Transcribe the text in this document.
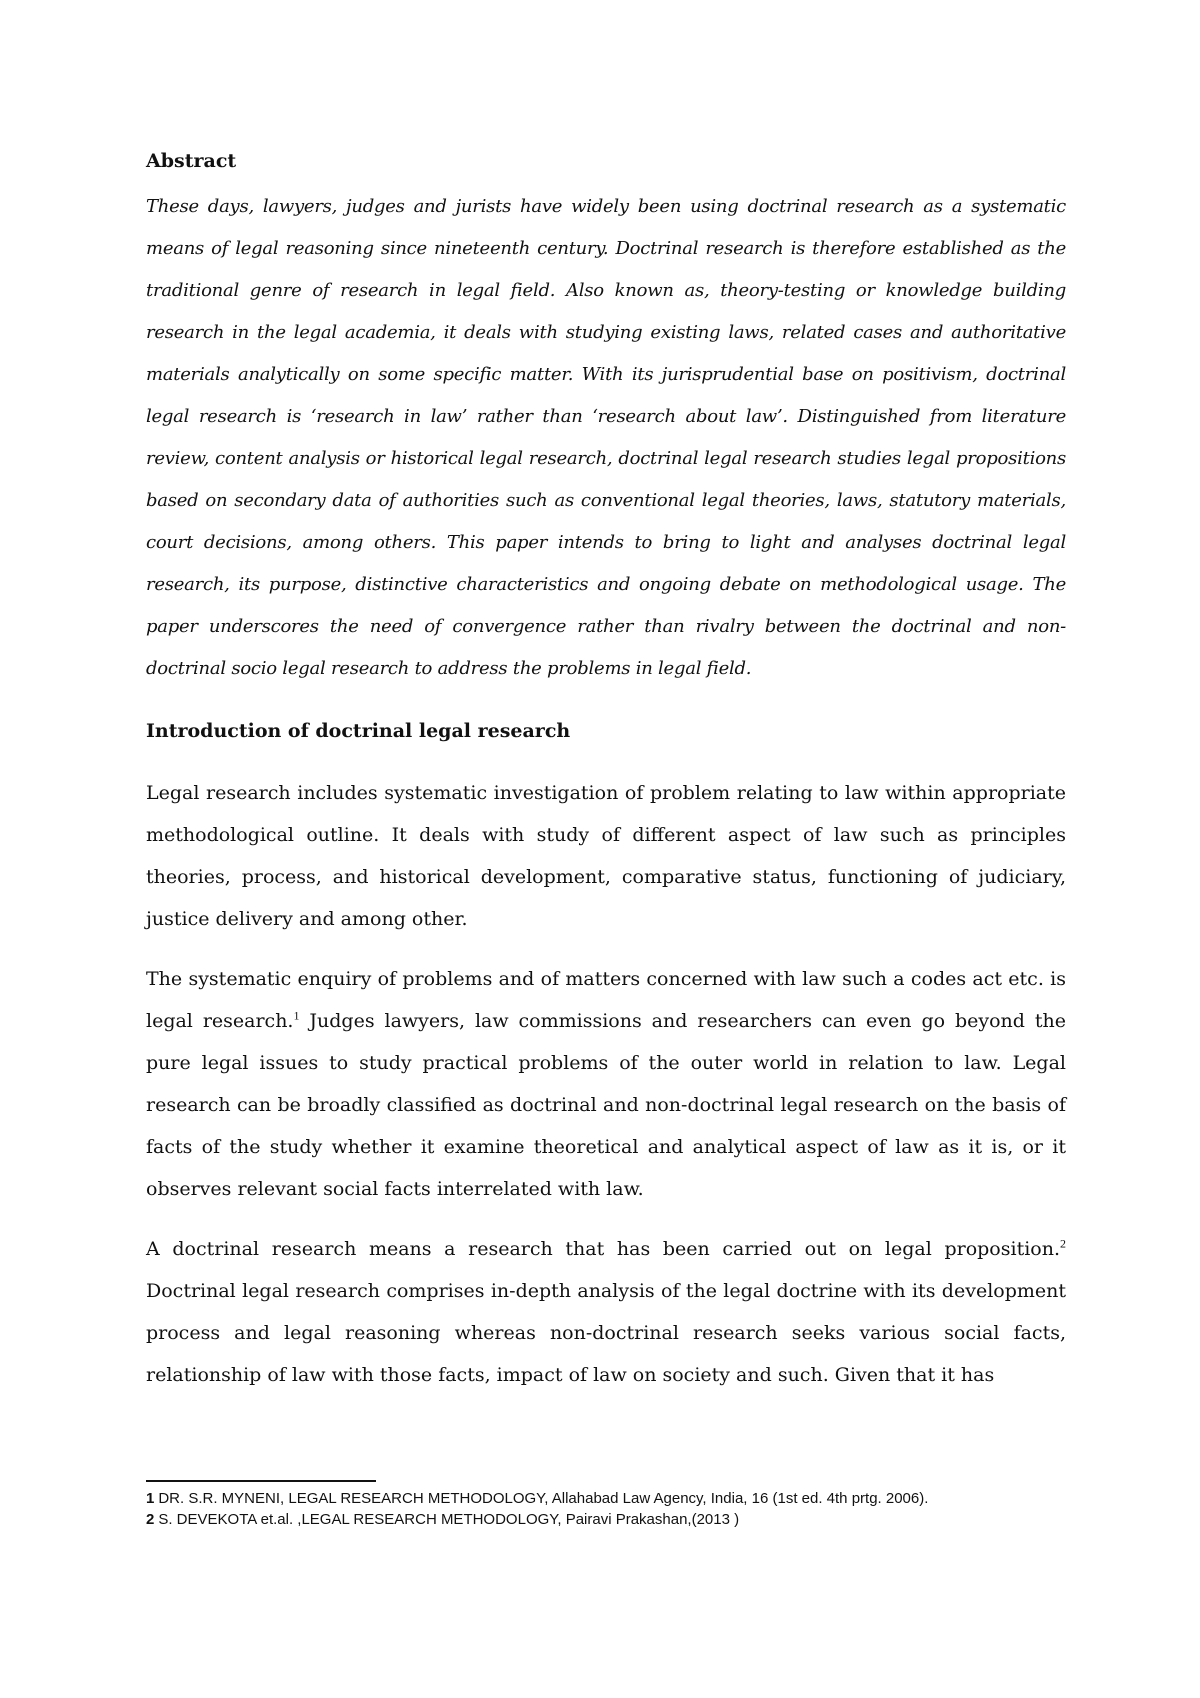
Abstract

These days, lawyers, judges and jurists have widely been using doctrinal research as a systematic means of legal reasoning since nineteenth century. Doctrinal research is therefore established as the traditional genre of research in legal field. Also known as, theory-testing or knowledge building research in the legal academia, it deals with studying existing laws, related cases and authoritative materials analytically on some specific matter. With its jurisprudential base on positivism, doctrinal legal research is ‘research in law’ rather than ‘research about law’. Distinguished from literature review, content analysis or historical legal research, doctrinal legal research studies legal propositions based on secondary data of authorities such as conventional legal theories, laws, statutory materials, court decisions, among others. This paper intends to bring to light and analyses doctrinal legal research, its purpose, distinctive characteristics and ongoing debate on methodological usage. The paper underscores the need of convergence rather than rivalry between the doctrinal and non-doctrinal socio legal research to address the problems in legal field.

Introduction of doctrinal legal research

Legal research includes systematic investigation of problem relating to law within appropriate methodological outline. It deals with study of different aspect of law such as principles theories, process, and historical development, comparative status, functioning of judiciary, justice delivery and among other.

The systematic enquiry of problems and of matters concerned with law such a codes act etc. is legal research.$^1$ Judges lawyers, law commissions and researchers can even go beyond the pure legal issues to study practical problems of the outer world in relation to law. Legal research can be broadly classified as doctrinal and non-doctrinal legal research on the basis of facts of the study whether it examine theoretical and analytical aspect of law as it is, or it observes relevant social facts interrelated with law.

A doctrinal research means a research that has been carried out on legal proposition.$^2$ Doctrinal legal research comprises in-depth analysis of the legal doctrine with its development process and legal reasoning whereas non-doctrinal research seeks various social facts, relationship of law with those facts, impact of law on society and such. Given that it has

1 DR. S.R. MYNENI, LEGAL RESEARCH METHODOLOGY, Allahabad Law Agency, India, 16 (1st ed. 4th prtg. 2006).

2 S. DEVEKOTA et.al. ,LEGAL RESEARCH METHODOLOGY, Pairavi Prakashan,(2013 )
